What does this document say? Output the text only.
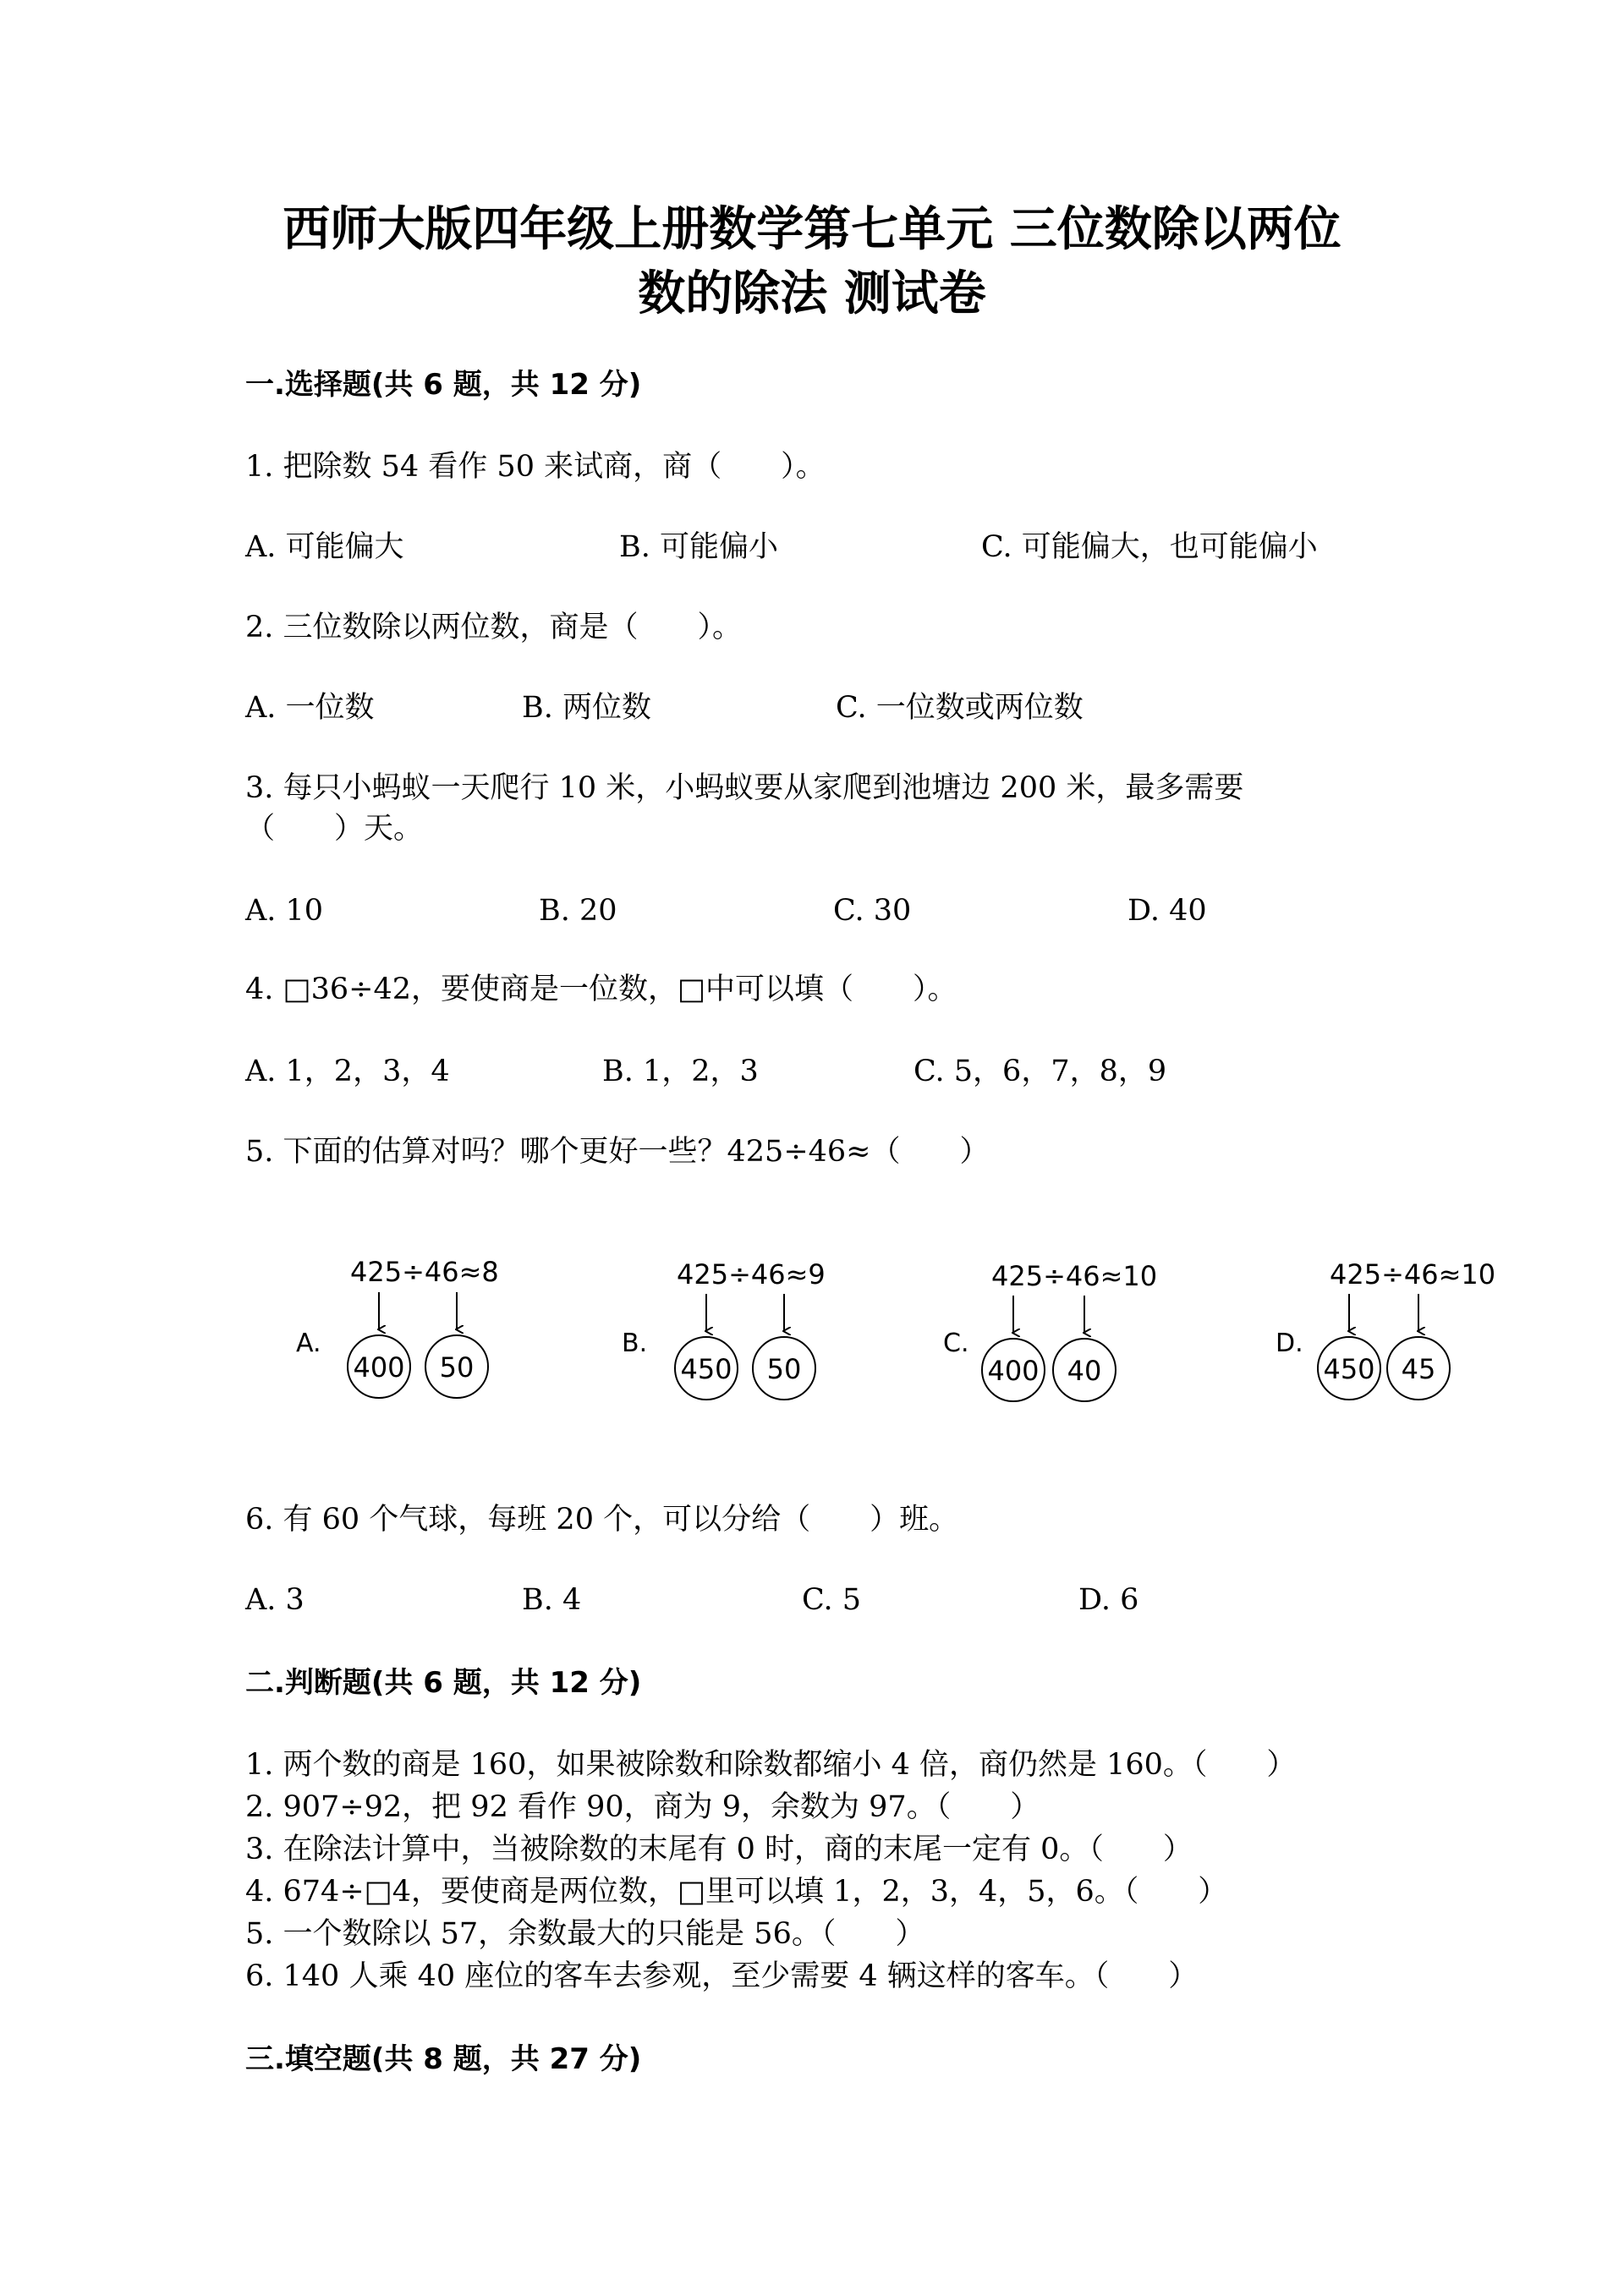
西师大版四年级上册数学第七单元 三位数除以两位
数的除法 测试卷
一.选择题(共 6 题，共 12 分)
1. 把除数 54 看作 50 来试商，商（　　）。
A. 可能偏大	B. 可能偏小	C. 可能偏大，也可能偏小
2. 三位数除以两位数，商是（　　）。
A. 一位数	B. 两位数	C. 一位数或两位数
3. 每只小蚂蚁一天爬行 10 米，小蚂蚁要从家爬到池塘边 200 米，最多需要
（　　）天。
A. 10	B. 20	C. 30	D. 40
4. □36÷42，要使商是一位数，□中可以填（　　）。
A. 1，2，3，4	B. 1，2，3	C. 5，6，7，8，9
5. 下面的估算对吗？哪个更好一些？425÷46≈（　　）
A.
425÷46≈8
400 50
B.
425÷46≈9
450 50
C.
425÷46≈10
400 40
D.
425÷46≈10
450 45
6. 有 60 个气球，每班 20 个，可以分给（　　）班。
A. 3	B. 4	C. 5	D. 6
二.判断题(共 6 题，共 12 分)
1. 两个数的商是 160，如果被除数和除数都缩小 4 倍，商仍然是 160。（　　）
2. 907÷92，把 92 看作 90，商为 9，余数为 97。（　　）
3. 在除法计算中，当被除数的末尾有 0 时，商的末尾一定有 0。（　　）
4. 674÷□4，要使商是两位数，□里可以填 1，2，3，4，5，6。（　　）
5. 一个数除以 57，余数最大的只能是 56。（　　）
6. 140 人乘 40 座位的客车去参观，至少需要 4 辆这样的客车。（　　）
三.填空题(共 8 题，共 27 分)
